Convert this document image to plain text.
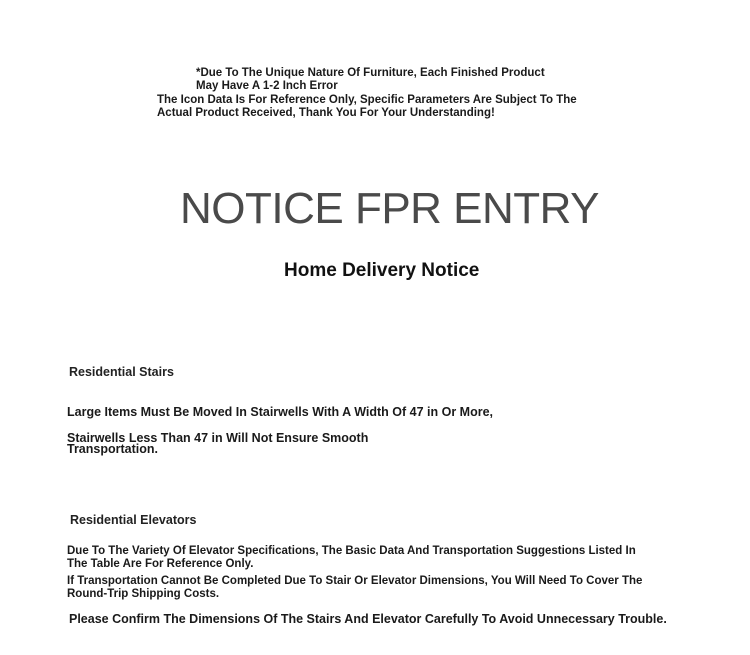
*Due To The Unique Nature Of Furniture, Each Finished Product
May Have A 1-2 Inch Error
The Icon Data Is For Reference Only, Specific Parameters Are Subject To The
Actual Product Received, Thank You For Your Understanding!
NOTICE FPR ENTRY
Home Delivery Notice
Residential Stairs
Large Items Must Be Moved In Stairwells With A Width Of 47 in Or More,
Stairwells Less Than 47 in Will Not Ensure Smooth
Transportation.
Residential Elevators
Due To The Variety Of Elevator Specifications, The Basic Data And Transportation Suggestions Listed In
The Table Are For Reference Only.
If Transportation Cannot Be Completed Due To Stair Or Elevator Dimensions, You Will Need To Cover The
Round-Trip Shipping Costs.
Please Confirm The Dimensions Of The Stairs And Elevator Carefully To Avoid Unnecessary Trouble.
